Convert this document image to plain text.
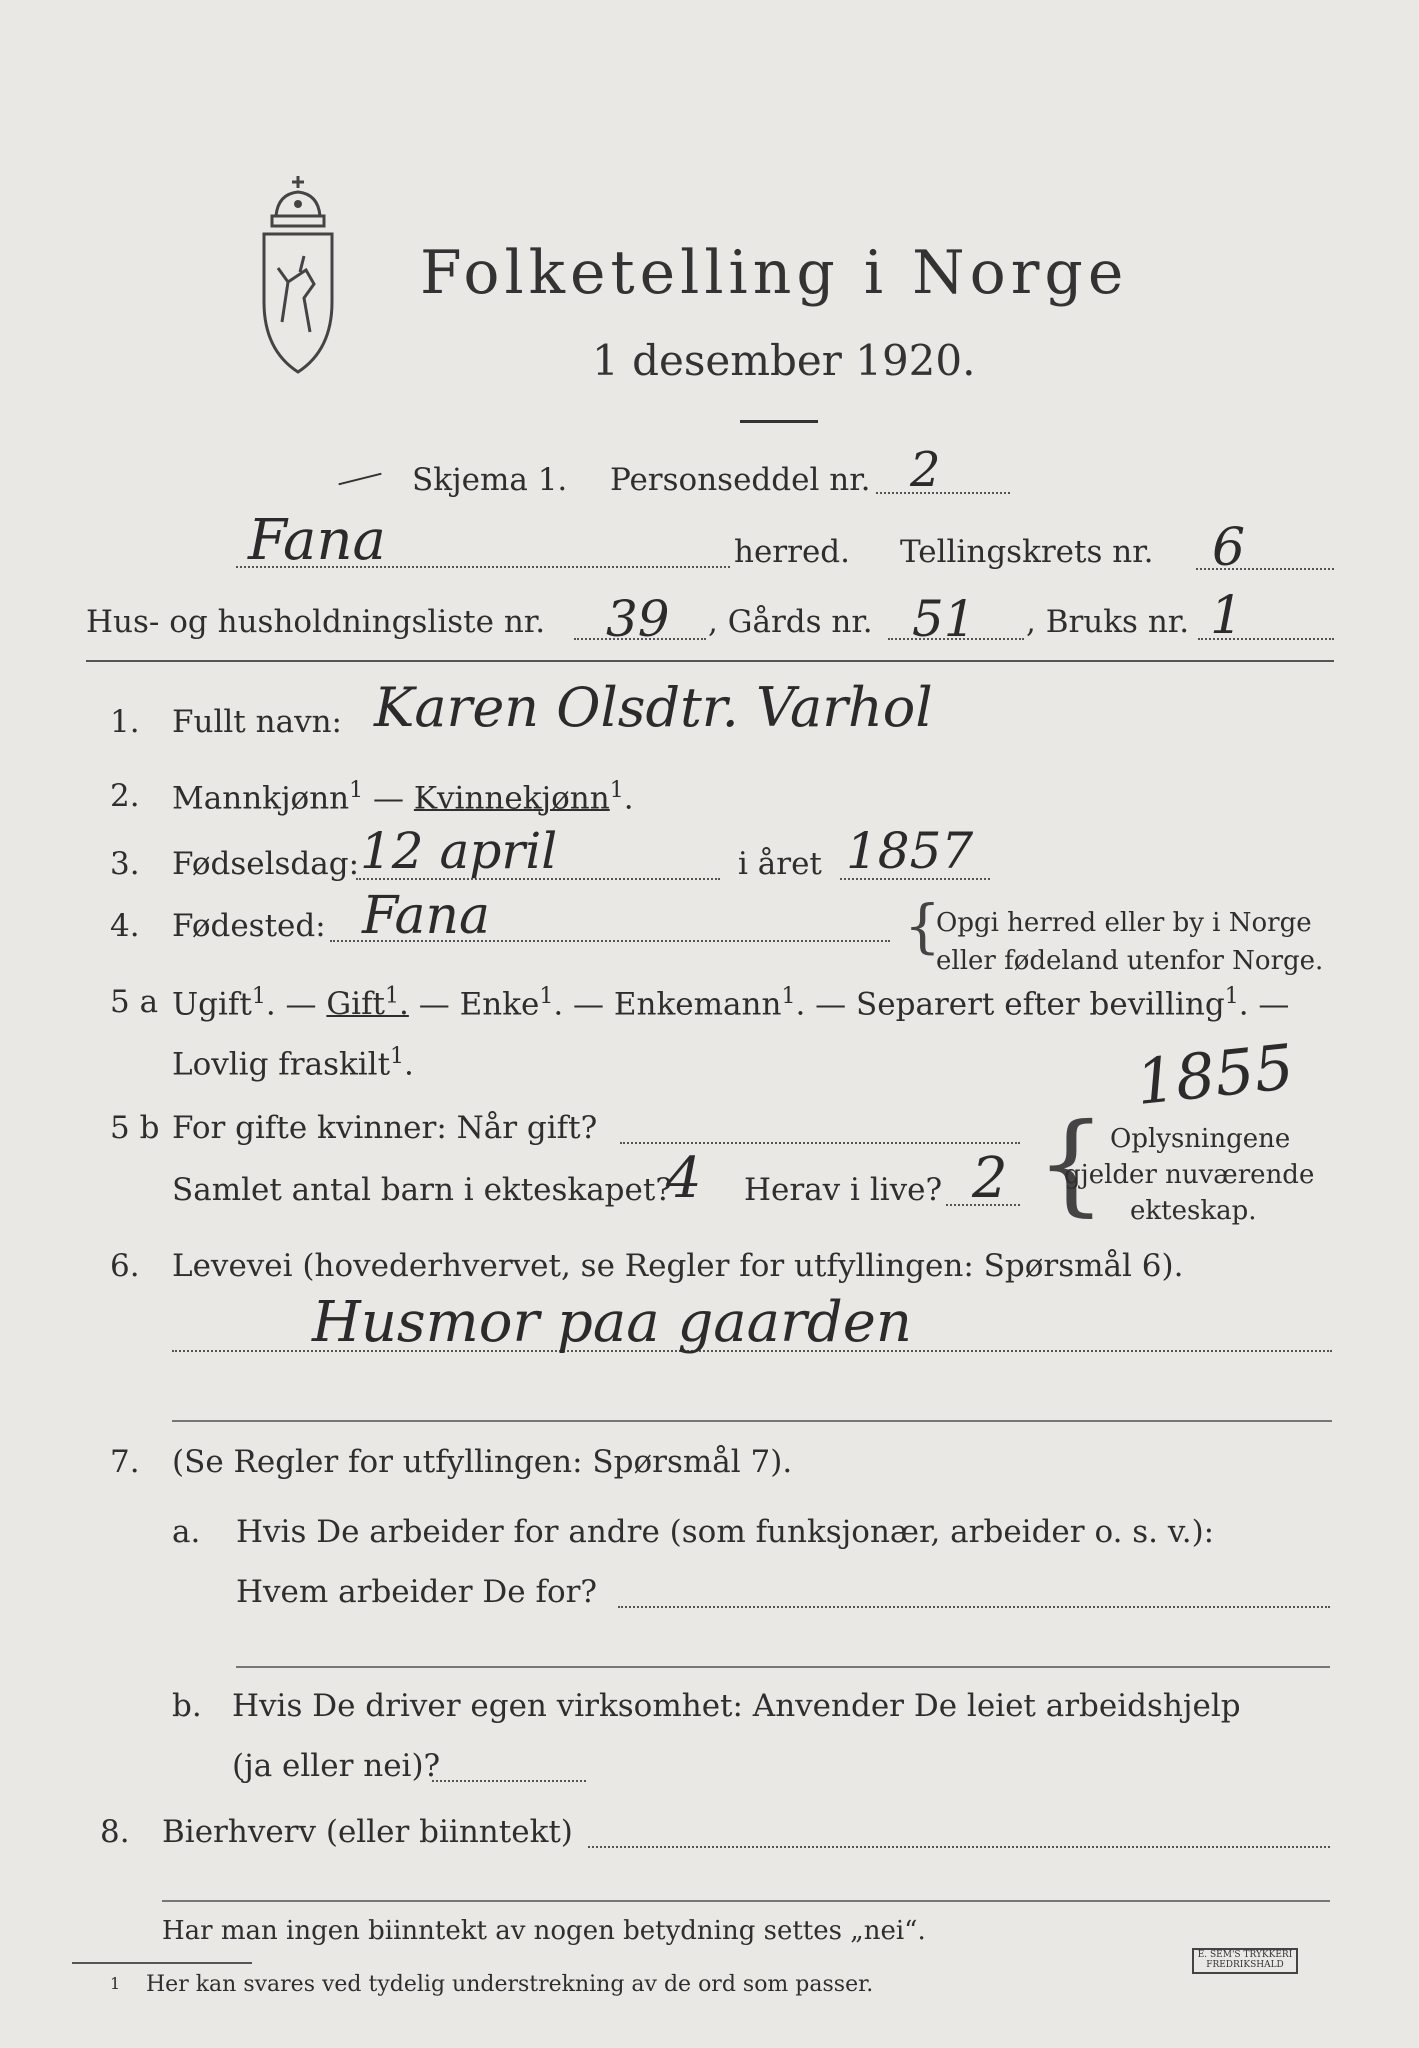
Folketelling i Norge
1 desember 1920.
Skjema 1. Personseddel nr. 2
Fana	herred. Tellingskrets nr. 6
Hus- og husholdningsliste nr. 39 , Gårds nr. 51 , Bruks nr. 1
1. Fullt navn: Karen Olsdtr. Varhol
2. Mannkjønn$^1$ — Kvinnekjønn$^1$.
3. Fødselsdag: 12 april	i året 1857
4. Fødested: Fana	{
Opgi herred eller by i Norge
eller fødeland utenfor Norge.
5 a Ugift$^1$. — Gift$^1$. — Enke$^1$. — Enkemann$^1$. — Separert efter bevilling$^1$. —
Lovlig fraskilt$^1$.	1855
5 b For gifte kvinner: Når gift?
Samlet antal barn i ekteskapet?
4 Herav i live? 2 { Oplysningene
gjelder nuværende
ekteskap.
6. Levevei (hovederhvervet, se Regler for utfyllingen: Spørsmål 6).
Husmor paa gaarden
7. (Se Regler for utfyllingen: Spørsmål 7).
a. Hvis De arbeider for andre (som funksjonær, arbeider o. s. v.):
Hvem arbeider De for?
b. Hvis De driver egen virksomhet: Anvender De leiet arbeidshjelp
(ja eller nei)?
8. Bierhverv (eller biinntekt)
Har man ingen biinntekt av nogen betydning settes „nei“.
1 Her kan svares ved tydelig understrekning av de ord som passer.
E. SEM'S TRYKKERI FREDRIKSHALD
